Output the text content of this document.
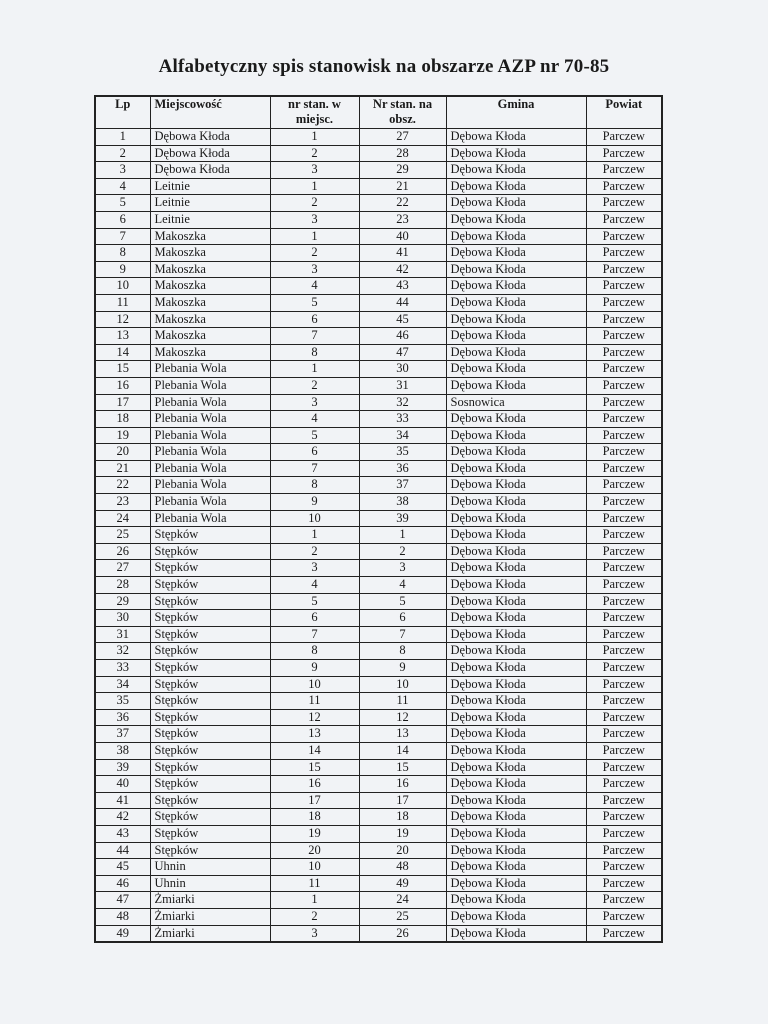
Alfabetyczny spis stanowisk na obszarze AZP nr 70-85
Lp	Miejscowość	nr stan. w miejsc.	Nr stan. na obsz.	Gmina	Powiat
1	Dębowa Kłoda	1	27	Dębowa Kłoda	Parczew
2	Dębowa Kłoda	2	28	Dębowa Kłoda	Parczew
3	Dębowa Kłoda	3	29	Dębowa Kłoda	Parczew
4	Leitnie	1	21	Dębowa Kłoda	Parczew
5	Leitnie	2	22	Dębowa Kłoda	Parczew
6	Leitnie	3	23	Dębowa Kłoda	Parczew
7	Makoszka	1	40	Dębowa Kłoda	Parczew
8	Makoszka	2	41	Dębowa Kłoda	Parczew
9	Makoszka	3	42	Dębowa Kłoda	Parczew
10	Makoszka	4	43	Dębowa Kłoda	Parczew
11	Makoszka	5	44	Dębowa Kłoda	Parczew
12	Makoszka	6	45	Dębowa Kłoda	Parczew
13	Makoszka	7	46	Dębowa Kłoda	Parczew
14	Makoszka	8	47	Dębowa Kłoda	Parczew
15	Plebania Wola	1	30	Dębowa Kłoda	Parczew
16	Plebania Wola	2	31	Dębowa Kłoda	Parczew
17	Plebania Wola	3	32	Sosnowica	Parczew
18	Plebania Wola	4	33	Dębowa Kłoda	Parczew
19	Plebania Wola	5	34	Dębowa Kłoda	Parczew
20	Plebania Wola	6	35	Dębowa Kłoda	Parczew
21	Plebania Wola	7	36	Dębowa Kłoda	Parczew
22	Plebania Wola	8	37	Dębowa Kłoda	Parczew
23	Plebania Wola	9	38	Dębowa Kłoda	Parczew
24	Plebania Wola	10	39	Dębowa Kłoda	Parczew
25	Stępków	1	1	Dębowa Kłoda	Parczew
26	Stępków	2	2	Dębowa Kłoda	Parczew
27	Stępków	3	3	Dębowa Kłoda	Parczew
28	Stępków	4	4	Dębowa Kłoda	Parczew
29	Stępków	5	5	Dębowa Kłoda	Parczew
30	Stępków	6	6	Dębowa Kłoda	Parczew
31	Stępków	7	7	Dębowa Kłoda	Parczew
32	Stępków	8	8	Dębowa Kłoda	Parczew
33	Stępków	9	9	Dębowa Kłoda	Parczew
34	Stępków	10	10	Dębowa Kłoda	Parczew
35	Stępków	11	11	Dębowa Kłoda	Parczew
36	Stępków	12	12	Dębowa Kłoda	Parczew
37	Stępków	13	13	Dębowa Kłoda	Parczew
38	Stępków	14	14	Dębowa Kłoda	Parczew
39	Stępków	15	15	Dębowa Kłoda	Parczew
40	Stępków	16	16	Dębowa Kłoda	Parczew
41	Stępków	17	17	Dębowa Kłoda	Parczew
42	Stępków	18	18	Dębowa Kłoda	Parczew
43	Stępków	19	19	Dębowa Kłoda	Parczew
44	Stępków	20	20	Dębowa Kłoda	Parczew
45	Uhnin	10	48	Dębowa Kłoda	Parczew
46	Uhnin	11	49	Dębowa Kłoda	Parczew
47	Żmiarki	1	24	Dębowa Kłoda	Parczew
48	Żmiarki	2	25	Dębowa Kłoda	Parczew
49	Żmiarki	3	26	Dębowa Kłoda	Parczew
